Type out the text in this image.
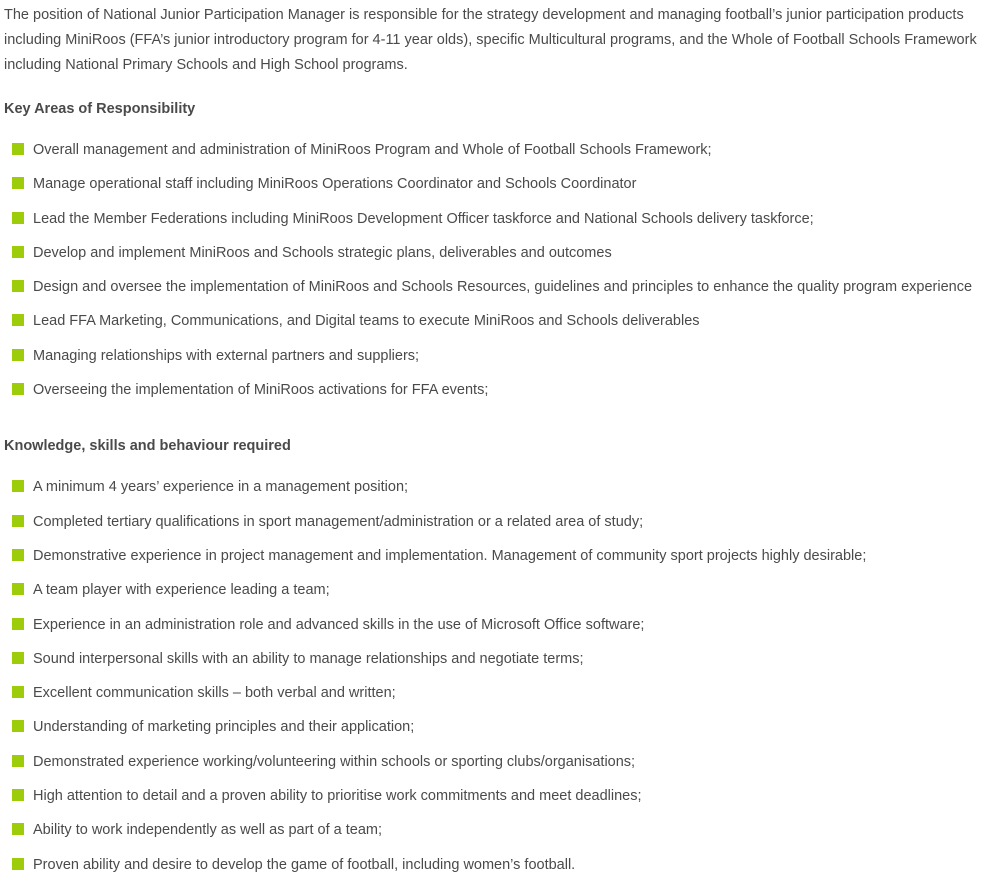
The position of National Junior Participation Manager is responsible for the strategy development and managing football’s junior participation products including MiniRoos (FFA’s junior introductory program for 4-11 year olds), specific Multicultural programs, and the Whole of Football Schools Framework including National Primary Schools and High School programs.

Key Areas of Responsibility

Overall management and administration of MiniRoos Program and Whole of Football Schools Framework;
Manage operational staff including MiniRoos Operations Coordinator and Schools Coordinator
Lead the Member Federations including MiniRoos Development Officer taskforce and National Schools delivery taskforce;
Develop and implement MiniRoos and Schools strategic plans, deliverables and outcomes
Design and oversee the implementation of MiniRoos and Schools Resources, guidelines and principles to enhance the quality program experience
Lead FFA Marketing, Communications, and Digital teams to execute MiniRoos and Schools deliverables
Managing relationships with external partners and suppliers;
Overseeing the implementation of MiniRoos activations for FFA events;

Knowledge, skills and behaviour required

A minimum 4 years’ experience in a management position;
Completed tertiary qualifications in sport management/administration or a related area of study;
Demonstrative experience in project management and implementation. Management of community sport projects highly desirable;
A team player with experience leading a team;
Experience in an administration role and advanced skills in the use of Microsoft Office software;
Sound interpersonal skills with an ability to manage relationships and negotiate terms;
Excellent communication skills – both verbal and written;
Understanding of marketing principles and their application;
Demonstrated experience working/volunteering within schools or sporting clubs/organisations;
High attention to detail and a proven ability to prioritise work commitments and meet deadlines;
Ability to work independently as well as part of a team;
Proven ability and desire to develop the game of football, including women’s football.
